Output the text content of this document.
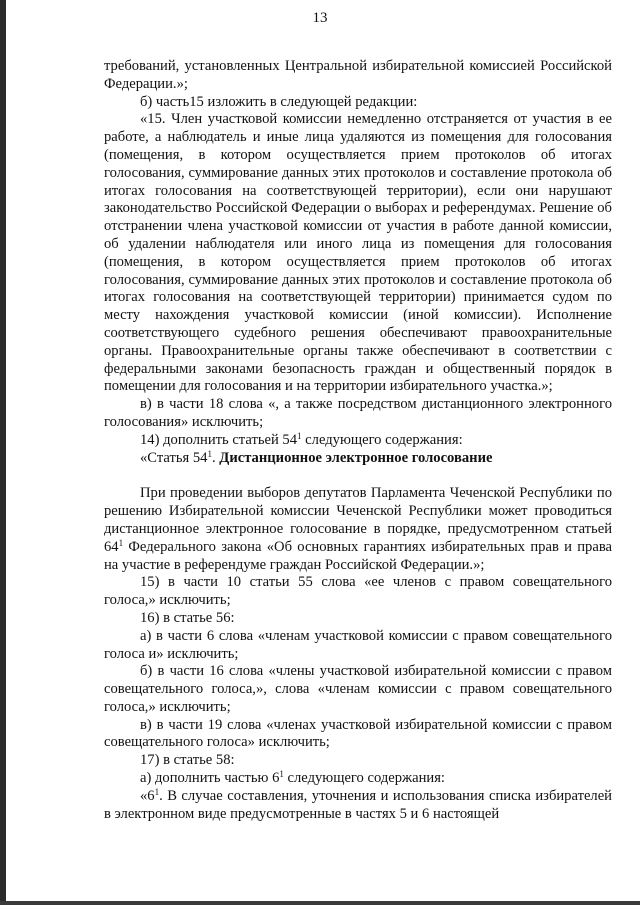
13

требований, установленных Центральной избирательной комиссией Российской Федерации.»;

б) часть15 изложить в следующей редакции:

«15. Член участковой комиссии немедленно отстраняется от участия в ее работе, а наблюдатель и иные лица удаляются из помещения для голосования (помещения, в котором осуществляется прием протоколов об итогах голосования, суммирование данных этих протоколов и составление протокола об итогах голосования на соответствующей территории), если они нарушают законодательство Российской Федерации о выборах и референдумах. Решение об отстранении члена участковой комиссии от участия в работе данной комиссии, об удалении наблюдателя или иного лица из помещения для голосования (помещения, в котором осуществляется прием протоколов об итогах голосования, суммирование данных этих протоколов и составление протокола об итогах голосования на соответствующей территории) принимается судом по месту нахождения участковой комиссии (иной комиссии). Исполнение соответствующего судебного решения обеспечивают правоохранительные органы. Правоохранительные органы также обеспечивают в соответствии с федеральными законами безопасность граждан и общественный порядок в помещении для голосования и на территории избирательного участка.»;

в) в части 18 слова «, а также посредством дистанционного электронного голосования» исключить;

14) дополнить статьей $54^1$ следующего содержания:

«Статья $54^1$. Дистанционное электронное голосование

При проведении выборов депутатов Парламента Чеченской Республики по решению Избирательной комиссии Чеченской Республики может проводиться дистанционное электронное голосование в порядке, предусмотренном статьей $64^1$ Федерального закона «Об основных гарантиях избирательных прав и права на участие в референдуме граждан Российской Федерации.»;

15) в части 10 статьи 55 слова «ее членов с правом совещательного голоса,» исключить;

16) в статье 56:

а) в части 6 слова «членам участковой комиссии с правом совещательного голоса и» исключить;

б) в части 16 слова «члены участковой избирательной комиссии с правом совещательного голоса,», слова «членам комиссии с правом совещательного голоса,» исключить;

в) в части 19 слова «членах участковой избирательной комиссии с правом совещательного голоса» исключить;

17) в статье 58:

а) дополнить частью $6^1$ следующего содержания:

«$6^1$. В случае составления, уточнения и использования списка избирателей в электронном виде предусмотренные в частях 5 и 6 настоящей
